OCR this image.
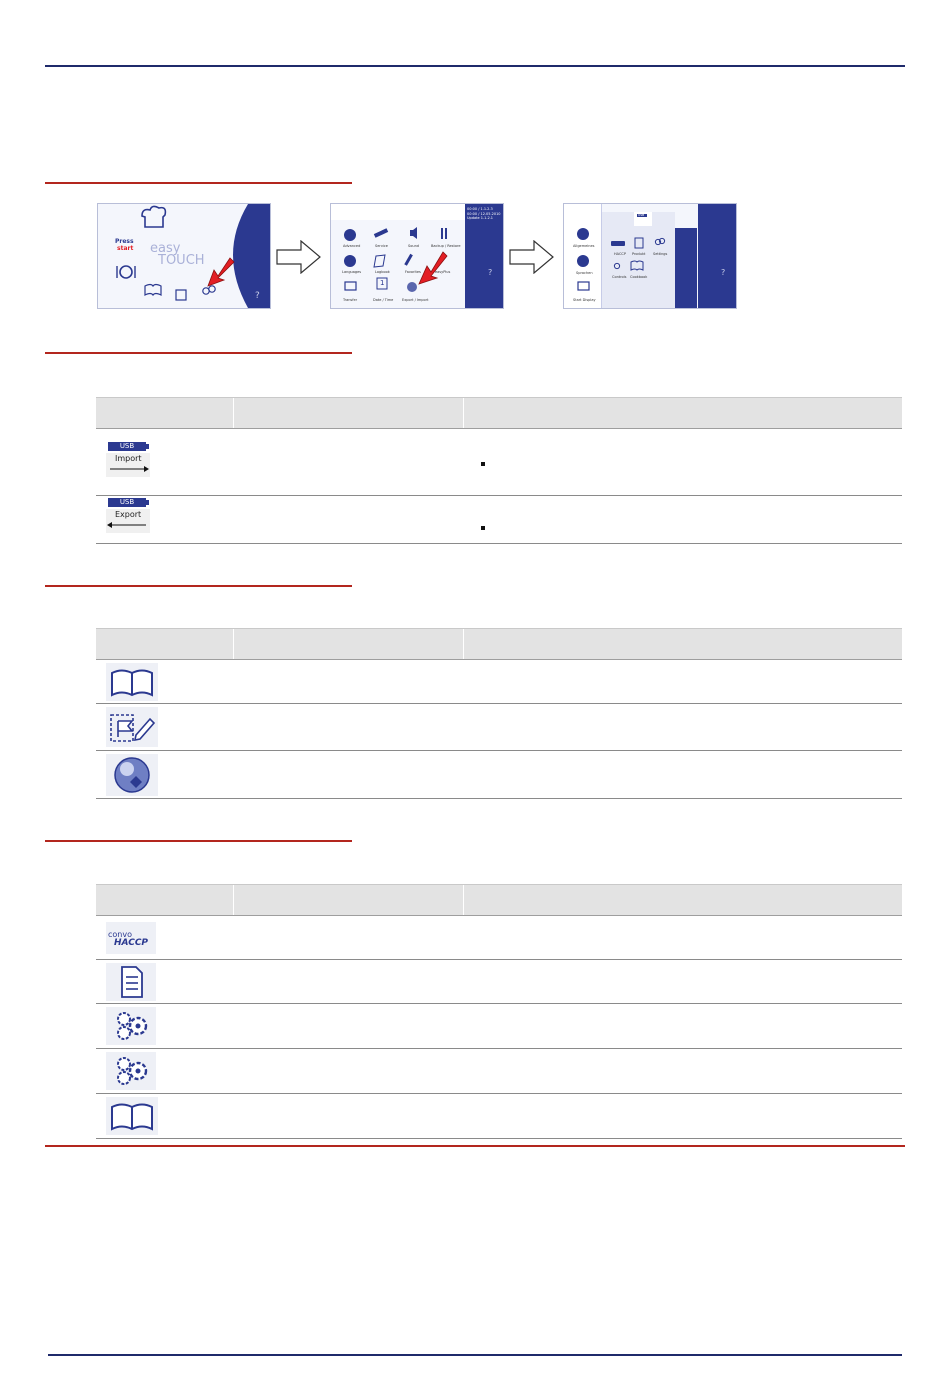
Press
start easy
TOUCH
?
00:00 / 1.1.2.3
00:00 / 12.05.2010
Update 1.1.2.1
1
Advanced	Service	Sound	Backup / Restore
Languages	Logbook	Favorites	easyPlus
Transfer	Date / Time Export / Import
?
USB
Allgemeines
Sprachen
Start Display
HACCP Produkt Settings
Controls Cookbook	?

USB
Import		

USB
Export		

convo
HACCP		
